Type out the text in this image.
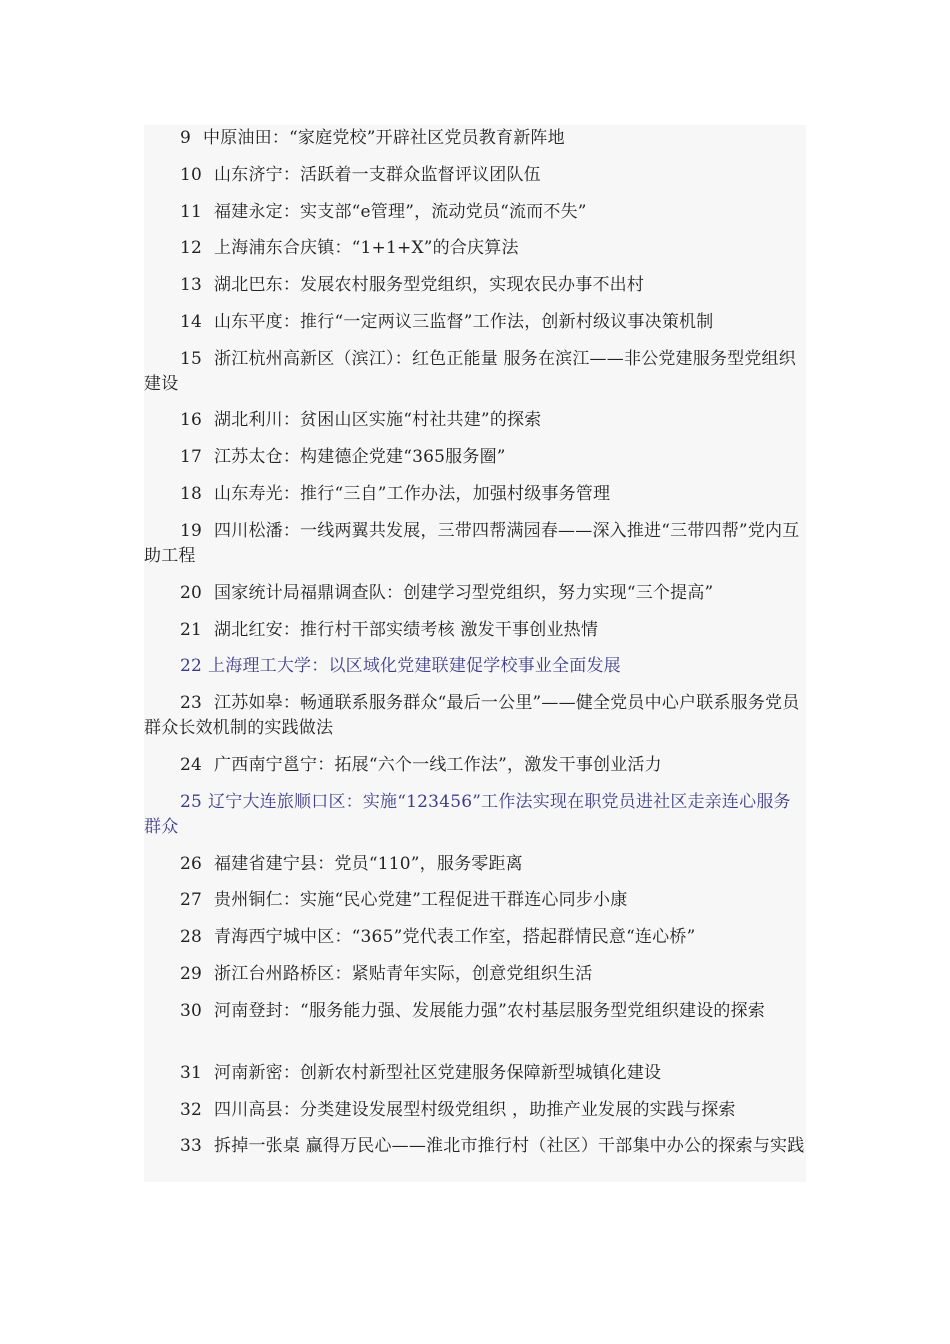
9 中原油田：“家庭党校”开辟社区党员教育新阵地
10 山东济宁：活跃着一支群众监督评议团队伍
11 福建永定：实支部“e管理”，流动党员“流而不失”
12 上海浦东合庆镇：“1+1+X”的合庆算法
13 湖北巴东：发展农村服务型党组织，实现农民办事不出村
14 山东平度：推行“一定两议三监督”工作法，创新村级议事决策机制
15 浙江杭州高新区（滨江）：红色正能量 服务在滨江——非公党建服务型党组织建设
16 湖北利川：贫困山区实施“村社共建”的探索
17 江苏太仓：构建德企党建“365服务圈”
18 山东寿光：推行“三自”工作办法，加强村级事务管理
19 四川松潘：一线两翼共发展，三带四帮满园春——深入推进“三带四帮”党内互助工程
20 国家统计局福鼎调查队：创建学习型党组织，努力实现“三个提高”
21 湖北红安：推行村干部实绩考核 激发干事创业热情
22 上海理工大学：以区域化党建联建促学校事业全面发展
23 江苏如皋：畅通联系服务群众“最后一公里”——健全党员中心户联系服务党员群众长效机制的实践做法
24 广西南宁邕宁：拓展“六个一线工作法”，激发干事创业活力
25 辽宁大连旅顺口区：实施“123456”工作法实现在职党员进社区走亲连心服务群众
26 福建省建宁县：党员“110”，服务零距离
27 贵州铜仁：实施“民心党建”工程促进干群连心同步小康
28 青海西宁城中区：“365”党代表工作室，搭起群情民意“连心桥”
29 浙江台州路桥区：紧贴青年实际，创意党组织生活
30 河南登封：“服务能力强、发展能力强”农村基层服务型党组织建设的探索
31 河南新密：创新农村新型社区党建服务保障新型城镇化建设
32 四川高县：分类建设发展型村级党组织 ，助推产业发展的实践与探索
33 拆掉一张桌 赢得万民心——淮北市推行村（社区）干部集中办公的探索与实践
